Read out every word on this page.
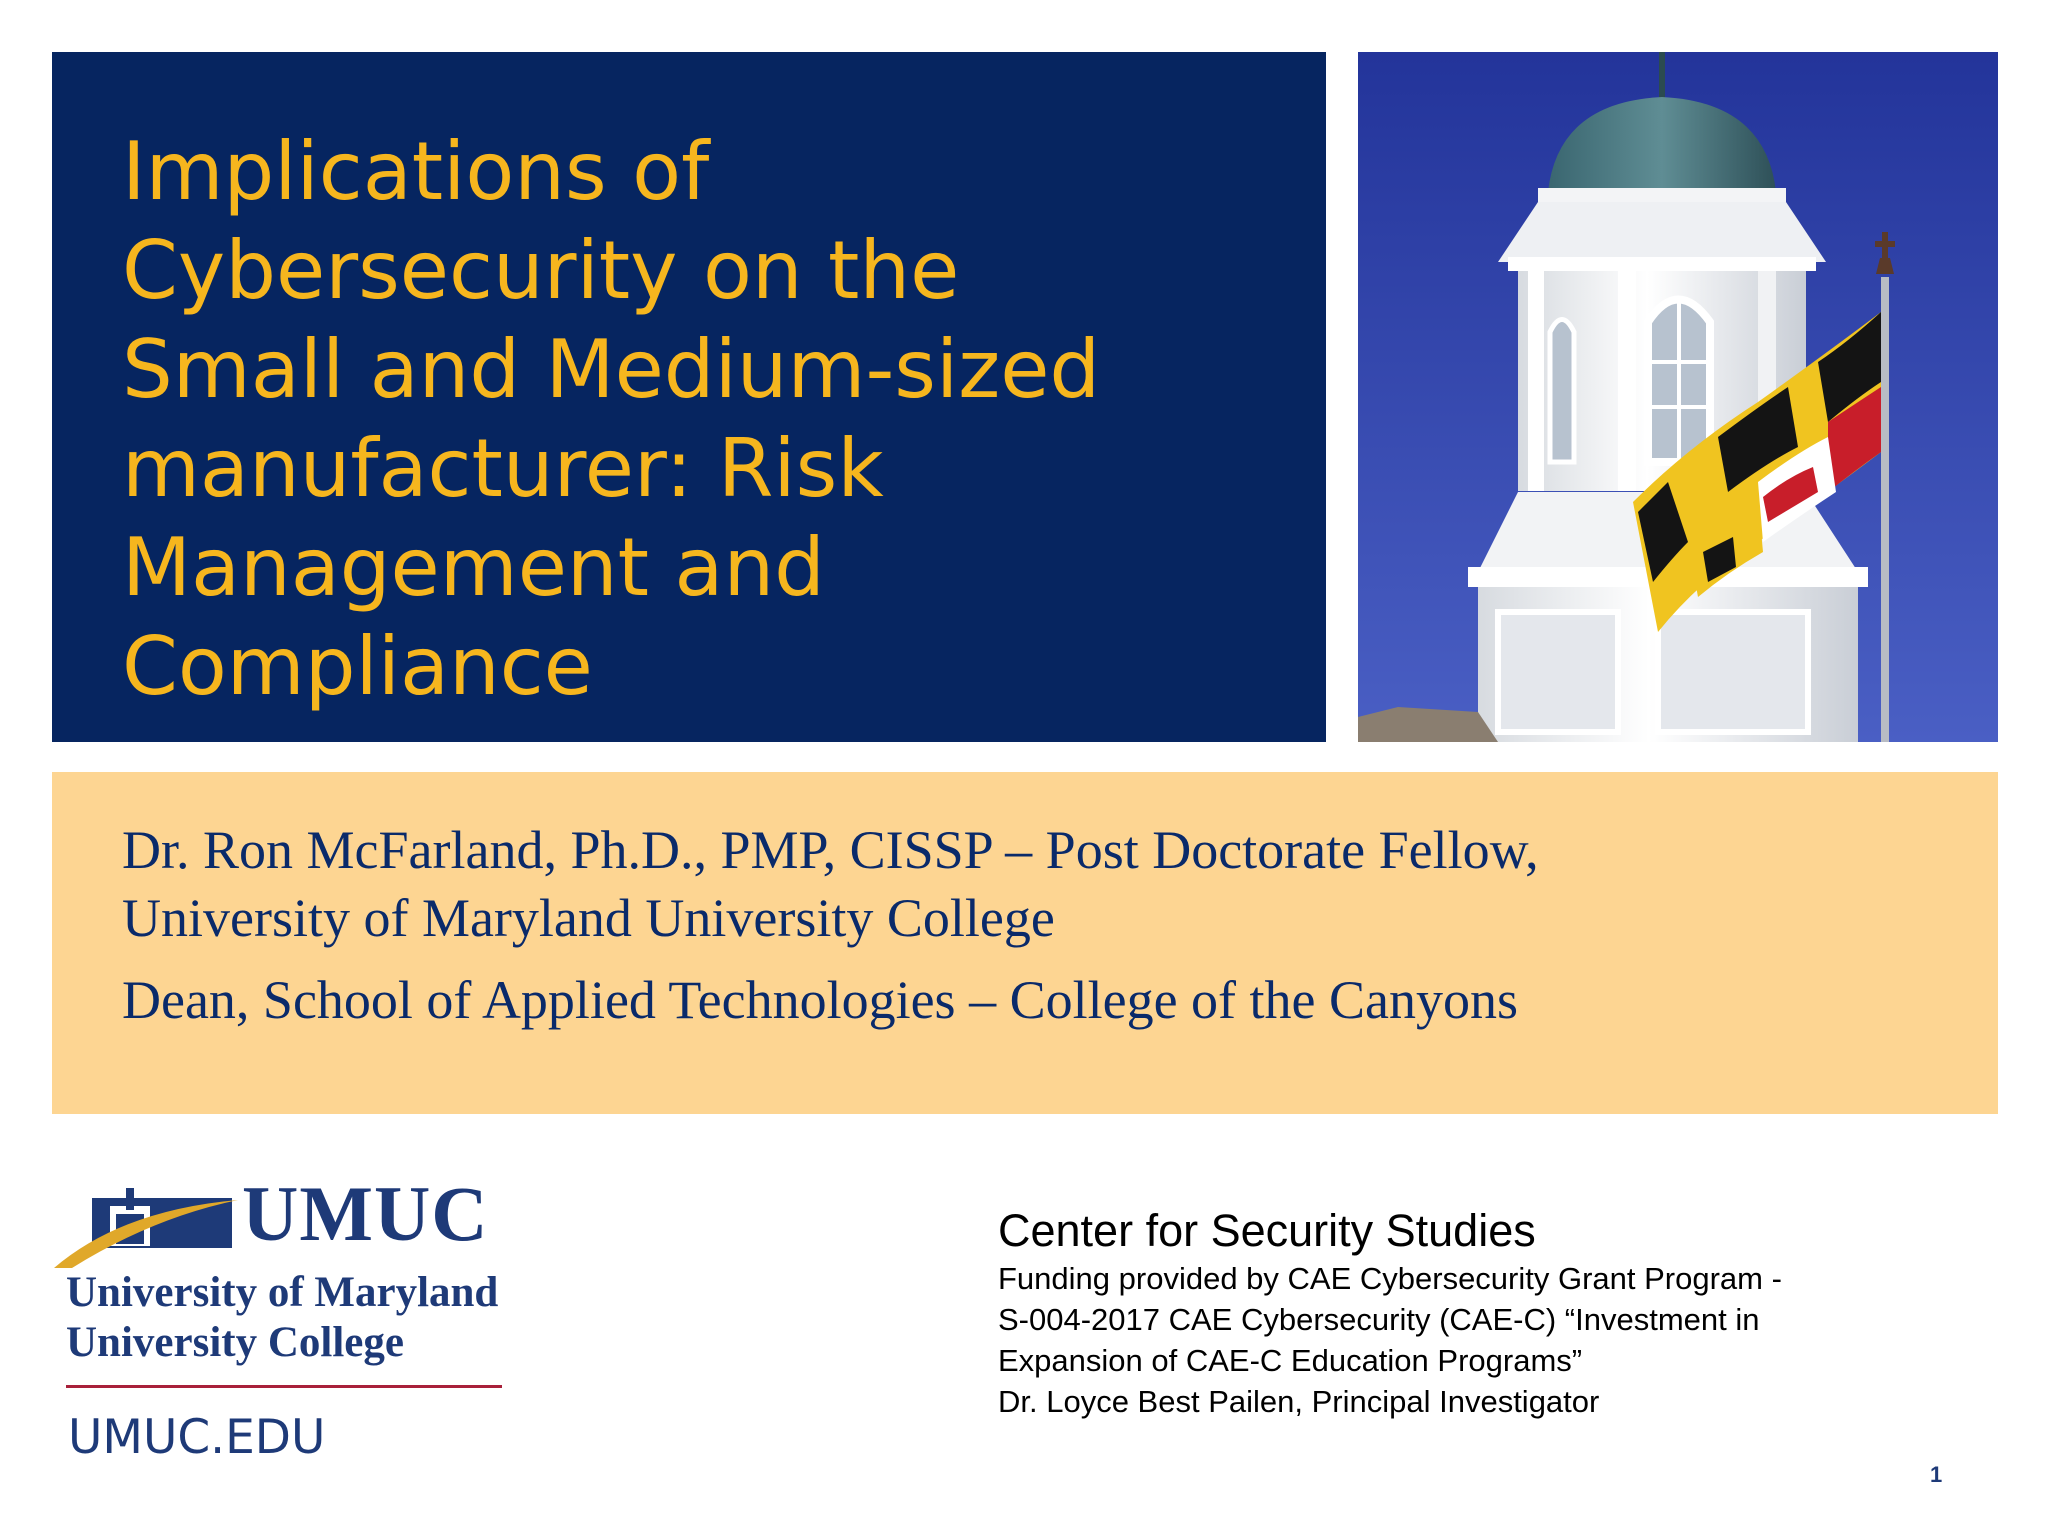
Implications of
Cybersecurity on the
Small and Medium-sized
manufacturer: Risk
Management and
Compliance

Dr. Ron McFarland, Ph.D., PMP, CISSP – Post Doctorate Fellow,

University of Maryland University College

Dean, School of Applied Technologies – College of the Canyons

UMUC

University of Maryland
University College

UMUC.EDU

Center for Security Studies

Funding provided by CAE Cybersecurity Grant Program -

S-004-2017 CAE Cybersecurity (CAE-C) “Investment in

Expansion of CAE-C Education Programs”

Dr. Loyce Best Pailen, Principal Investigator

1
